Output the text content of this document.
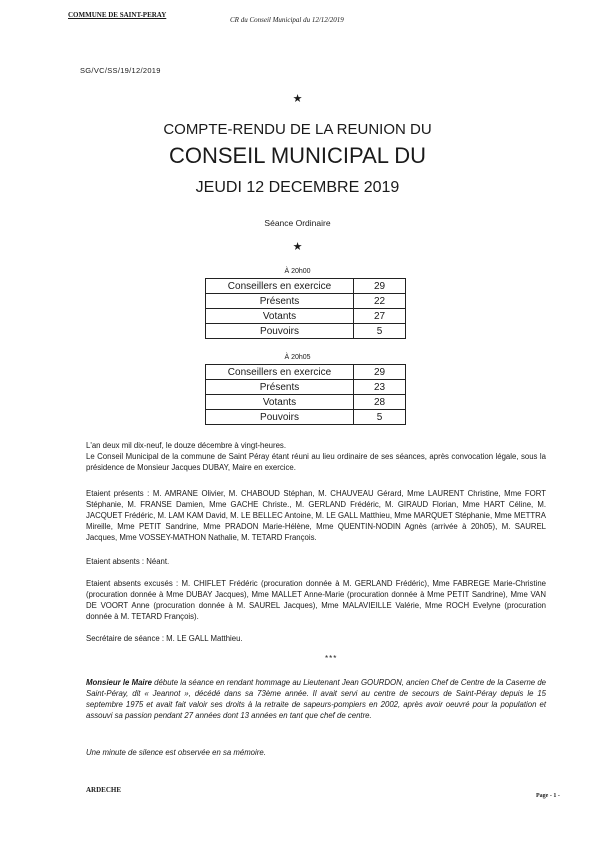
COMMUNE DE SAINT-PERAY
CR du Conseil Municipal du 12/12/2019
SG/VC/SS/19/12/2019
★
COMPTE-RENDU DE LA REUNION DU
CONSEIL MUNICIPAL DU
JEUDI 12 DECEMBRE 2019
Séance Ordinaire
★
À 20h00
Conseillers en exercice	29
Présents	22
Votants	27
Pouvoirs	5
À 20h05
Conseillers en exercice	29
Présents	23
Votants	28
Pouvoirs	5

L'an deux mil dix-neuf, le douze décembre à vingt-heures.

Le Conseil Municipal de la commune de Saint Péray étant réuni au lieu ordinaire de ses séances, après convocation légale, sous la présidence de Monsieur Jacques DUBAY, Maire en exercice.

Etaient présents : M. AMRANE Olivier, M. CHABOUD Stéphan, M. CHAUVEAU Gérard, Mme LAURENT Christine, Mme FORT Stéphanie, M. FRANSE Damien, Mme GACHE Christe., M. GERLAND Frédéric, M. GIRAUD Florian, Mme HART Céline, M. JACQUET Frédéric, M. LAM KAM David, M. LE BELLEC Antoine, M. LE GALL Matthieu, Mme MARQUET Stéphanie, Mme METTRA Mireille, Mme PETIT Sandrine, Mme PRADON Marie-Hélène, Mme QUENTIN-NODIN Agnès (arrivée à 20h05), M. SAUREL Jacques, Mme VOSSEY-MATHON Nathalie, M. TETARD François.
Etaient absents : Néant.
Etaient absents excusés : M. CHIFLET Frédéric (procuration donnée à M. GERLAND Frédéric), Mme FABREGE Marie-Christine (procuration donnée à Mme DUBAY Jacques), Mme MALLET Anne-Marie (procuration donnée à Mme PETIT Sandrine), Mme VAN DE VOORT Anne (procuration donnée à M. SAUREL Jacques), Mme MALAVIEILLE Valérie, Mme ROCH Evelyne (procuration donnée à M. TETARD François).
Secrétaire de séance : M. LE GALL Matthieu.
***
Monsieur le Maire débute la séance en rendant hommage au Lieutenant Jean GOURDON, ancien Chef de Centre de la Caserne de Saint-Péray, dit « Jeannot », décédé dans sa 73ème année. Il avait servi au centre de secours de Saint-Péray depuis le 15 septembre 1975 et avait fait valoir ses droits à la retraite de sapeurs-pompiers en 2002, après avoir oeuvré pour la population et assouvi sa passion pendant 27 années dont 13 années en tant que chef de centre.
Une minute de silence est observée en sa mémoire.
ARDECHE
Page - 1 -
